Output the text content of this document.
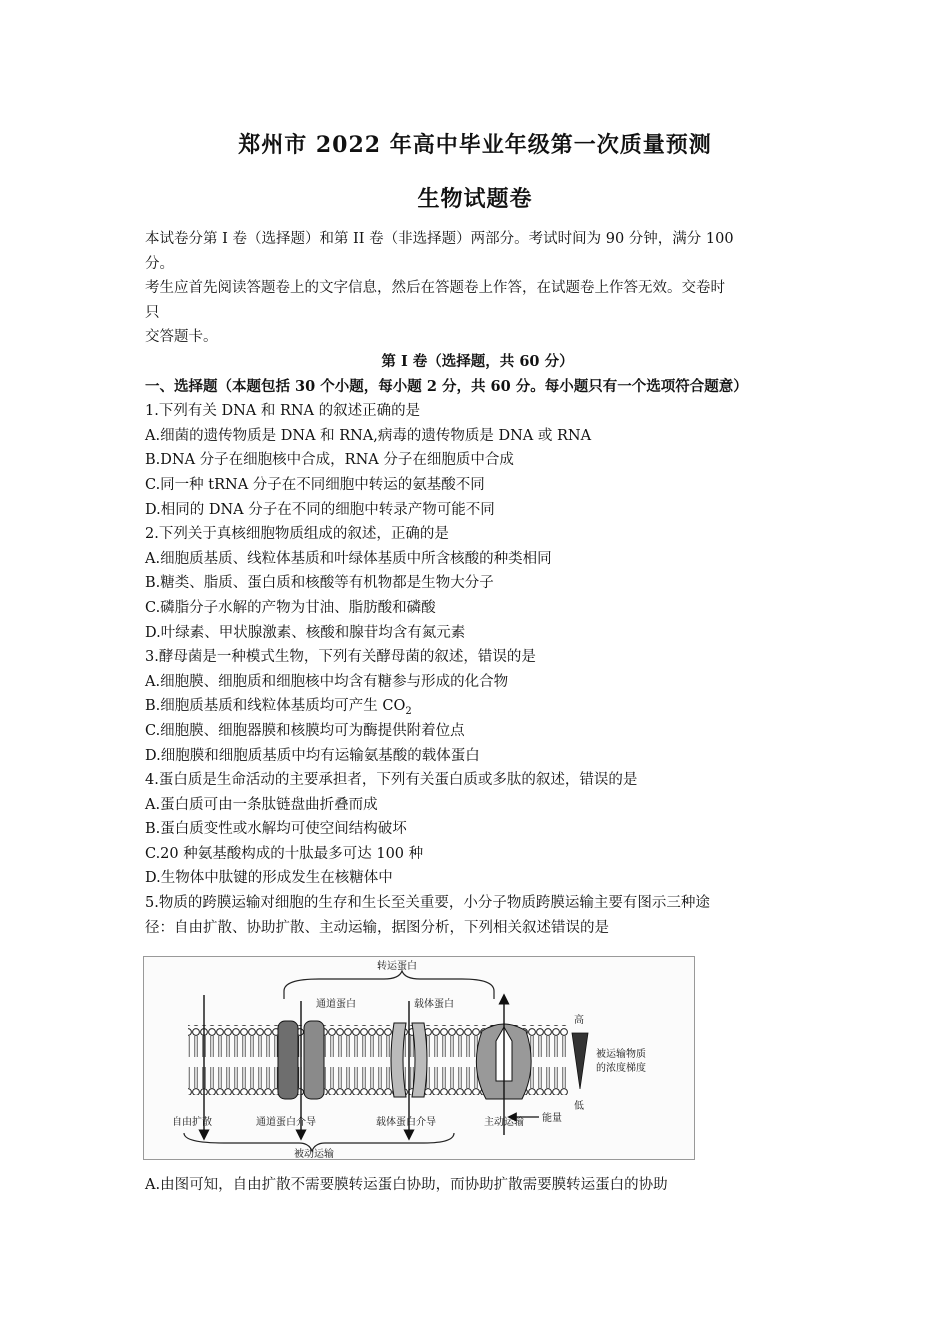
郑州市 2022 年高中毕业年级第一次质量预测
生物试题卷
本试卷分第 I 卷（选择题）和第 II 卷（非选择题）两部分。考试时间为 90 分钟，满分 100
分。
考生应首先阅读答题卷上的文字信息，然后在答题卷上作答，在试题卷上作答无效。交卷时
只
交答题卡。
第 I 卷（选择题，共 60 分）
一、选择题（本题包括 30 个小题，每小题 2 分，共 60 分。每小题只有一个选项符合题意）
1.下列有关 DNA 和 RNA 的叙述正确的是
A.细菌的遗传物质是 DNA 和 RNA,病毒的遗传物质是 DNA 或 RNA
B.DNA 分子在细胞核中合成，RNA 分子在细胞质中合成
C.同一种 tRNA 分子在不同细胞中转运的氨基酸不同
D.相同的 DNA 分子在不同的细胞中转录产物可能不同
2.下列关于真核细胞物质组成的叙述，正确的是
A.细胞质基质、线粒体基质和叶绿体基质中所含核酸的种类相同
B.糖类、脂质、蛋白质和核酸等有机物都是生物大分子
C.磷脂分子水解的产物为甘油、脂肪酸和磷酸
D.叶绿素、甲状腺激素、核酸和腺苷均含有氮元素
3.酵母菌是一种模式生物，下列有关酵母菌的叙述，错误的是
A.细胞膜、细胞质和细胞核中均含有糖参与形成的化合物
B.细胞质基质和线粒体基质均可产生 $CO_2$
C.细胞膜、细胞器膜和核膜均可为酶提供附着位点
D.细胞膜和细胞质基质中均有运输氨基酸的载体蛋白
4.蛋白质是生命活动的主要承担者，下列有关蛋白质或多肽的叙述，错误的是
A.蛋白质可由一条肽链盘曲折叠而成
B.蛋白质变性或水解均可使空间结构破坏
C.20 种氨基酸构成的十肽最多可达 100 种
D.生物体中肽键的形成发生在核糖体中
5.物质的跨膜运输对细胞的生存和生长至关重要，小分子物质跨膜运输主要有图示三种途
径：自由扩散、协助扩散、主动运输，据图分析，下列相关叙述错误的是
转运蛋白
通道蛋白	载体蛋白
能量
高
被运输物质
的浓度梯度
低
自由扩散	通道蛋白介导	载体蛋白介导	主动运输
被动运输
A.由图可知，自由扩散不需要膜转运蛋白协助，而协助扩散需要膜转运蛋白的协助
